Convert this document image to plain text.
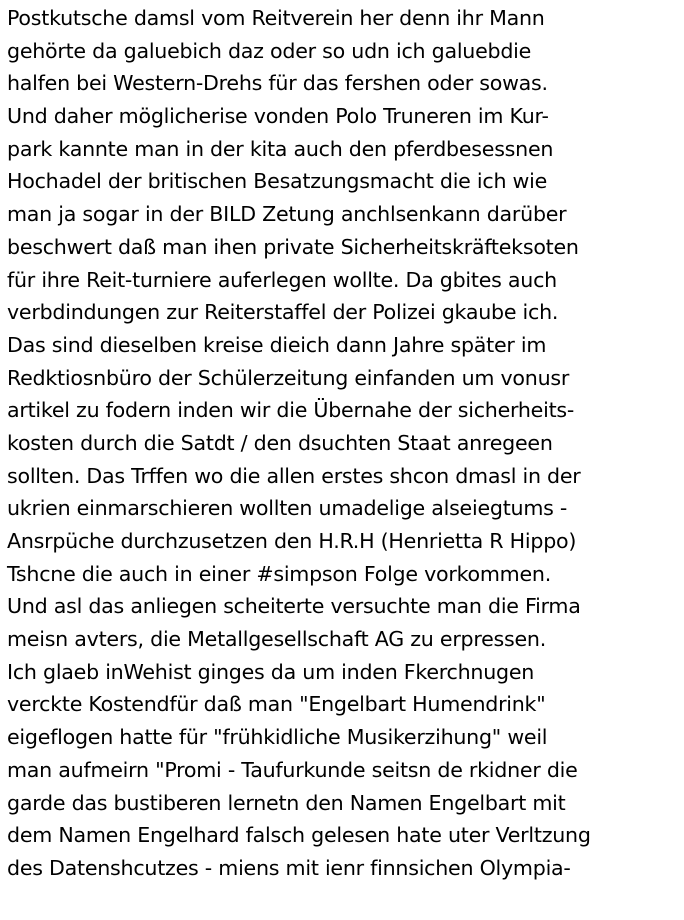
Postkutsche damsl vom Reitverein her denn ihr Mann
gehörte da galuebich daz oder so udn ich galuebdie
halfen bei Western-Drehs für das fershen oder sowas.
Und daher möglicherise vonden Polo Truneren im Kur-
park kannte man in der kita auch den pferdbesessnen
Hochadel der britischen Besatzungsmacht die ich wie
man ja sogar in der BILD Zetung anchlsenkann darüber
beschwert daß man ihen private Sicherheitskräfteksoten
für ihre Reit-turniere auferlegen wollte. Da gbites auch
verbdindungen zur Reiterstaffel der Polizei gkaube ich.
Das sind dieselben kreise dieich dann Jahre später im
Redktiosnbüro der Schülerzeitung einfanden um vonusr
artikel zu fodern inden wir die Übernahe der sicherheits-
kosten durch die Satdt / den dsuchten Staat anregeen
sollten. Das Trffen wo die allen erstes shcon dmasl in der
ukrien einmarschieren wollten umadelige alseiegtums -
Ansrpüche durchzusetzen den H.R.H (Henrietta R Hippo)
Tshcne die auch in einer #simpson Folge vorkommen.
Und asl das anliegen scheiterte versuchte man die Firma
meisn avters, die Metallgesellschaft AG zu erpressen.
Ich glaeb inWehist ginges da um inden Fkerchnugen
verckte Kostendfür daß man "Engelbart Humendrink"
eigeflogen hatte für "frühkidliche Musikerzihung" weil
man aufmeirn "Promi - Taufurkunde seitsn de rkidner die
garde das bustiberen lernetn den Namen Engelbart mit
dem Namen Engelhard falsch gelesen hate uter Verltzung
des Datenshcutzes - miens mit ienr finnsichen Olympia-
